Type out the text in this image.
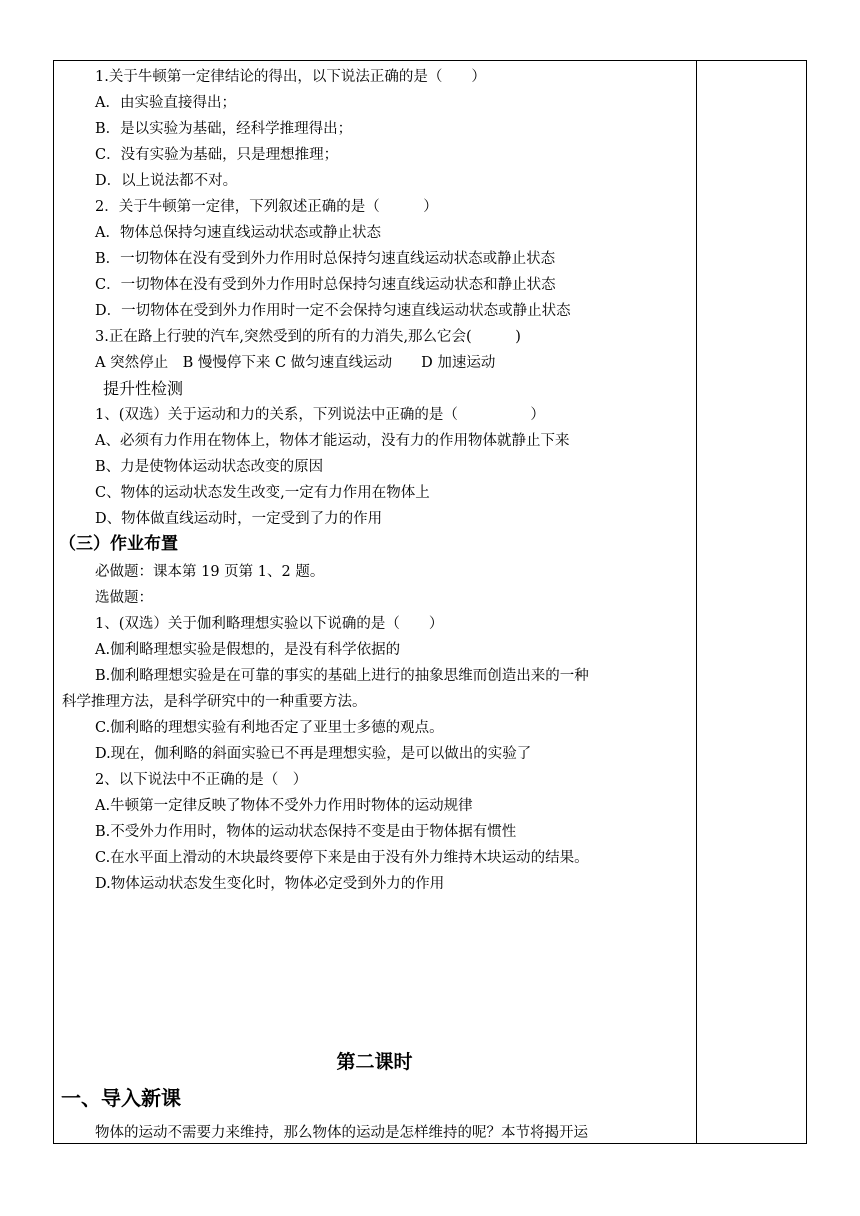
1.关于牛顿第一定律结论的得出，以下说法正确的是（　　）
A．由实验直接得出；
B．是以实验为基础，经科学推理得出；
C．没有实验为基础，只是理想推理；
D．以上说法都不对。
2．关于牛顿第一定律，下列叙述正确的是（　　　）
A．物体总保持匀速直线运动状态或静止状态
B．一切物体在没有受到外力作用时总保持匀速直线运动状态或静止状态
C．一切物体在没有受到外力作用时总保持匀速直线运动状态和静止状态
D．一切物体在受到外力作用时一定不会保持匀速直线运动状态或静止状态
3.正在路上行驶的汽车,突然受到的所有的力消失,那么它会(　　　)
A 突然停止　B 慢慢停下来 C 做匀速直线运动　　D 加速运动
提升性检测
1、(双选）关于运动和力的关系，下列说法中正确的是（　　　　　）
A、必须有力作用在物体上，物体才能运动，没有力的作用物体就静止下来
B、力是使物体运动状态改变的原因
C、物体的运动状态发生改变,一定有力作用在物体上
D、物体做直线运动时，一定受到了力的作用
（三）作业布置
必做题：课本第 19 页第 1、2 题。
选做题：
1、(双选）关于伽利略理想实验以下说确的是（　　）
A.伽利略理想实验是假想的，是没有科学依据的
B.伽利略理想实验是在可靠的事实的基础上进行的抽象思维而创造出来的一种
科学推理方法，是科学研究中的一种重要方法。
C.伽利略的理想实验有利地否定了亚里士多德的观点。
D.现在，伽利略的斜面实验已不再是理想实验，是可以做出的实验了
2、以下说法中不正确的是（　）
A.牛顿第一定律反映了物体不受外力作用时物体的运动规律
B.不受外力作用时，物体的运动状态保持不变是由于物体据有惯性
C.在水平面上滑动的木块最终要停下来是由于没有外力维持木块运动的结果。
D.物体运动状态发生变化时，物体必定受到外力的作用
第二课时
一、导入新课
物体的运动不需要力来维持，那么物体的运动是怎样维持的呢？本节将揭开运
